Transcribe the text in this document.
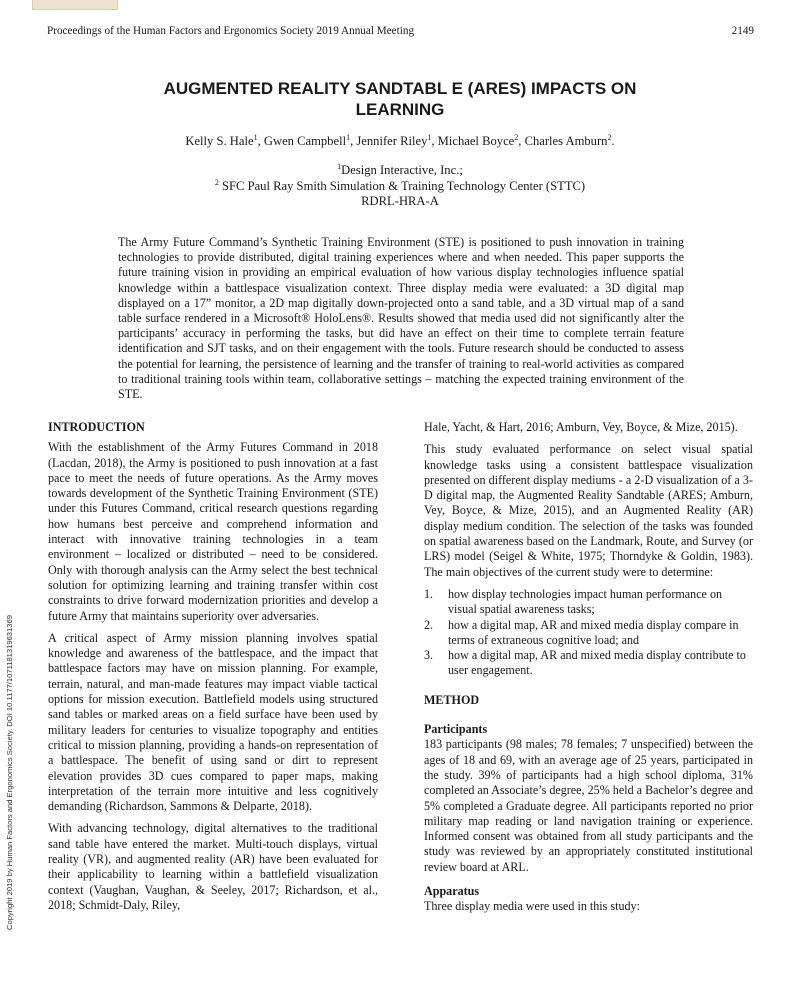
Proceedings of the Human Factors and Ergonomics Society 2019 Annual Meeting	2149
AUGMENTED REALITY SANDTABL E (ARES) IMPACTS ON
LEARNING
Kelly S. Hale$^1$, Gwen Campbell$^1$, Jennifer Riley$^1$, Michael Boyce$^2$, Charles Amburn$^2$.
$^1$Design Interactive, Inc.;
$^2$ SFC Paul Ray Smith Simulation & Training Technology Center (STTC)
RDRL-HRA-A
The Army Future Command’s Synthetic Training Environment (STE) is positioned to push innovation in training technologies to provide distributed, digital training experiences where and when needed. This paper supports the future training vision in providing an empirical evaluation of how various display technologies influence spatial knowledge within a battlespace visualization context. Three display media were evaluated: a 3D digital map displayed on a 17” monitor, a 2D map digitally down-projected onto a sand table, and a 3D virtual map of a sand table surface rendered in a Microsoft® HoloLens®. Results showed that media used did not significantly alter the participants’ accuracy in performing the tasks, but did have an effect on their time to complete terrain feature identification and SJT tasks, and on their engagement with the tools. Future research should be conducted to assess the potential for learning, the persistence of learning and the transfer of training to real-world activities as compared to traditional training tools within team, collaborative settings – matching the expected training environment of the STE.
INTRODUCTION

With the establishment of the Army Futures Command in 2018 (Lacdan, 2018), the Army is positioned to push innovation at a fast pace to meet the needs of future operations. As the Army moves towards development of the Synthetic Training Environment (STE) under this Futures Command, critical research questions regarding how humans best perceive and comprehend information and interact with innovative training technologies in a team environment – localized or distributed – need to be considered. Only with thorough analysis can the Army select the best technical solution for optimizing learning and training transfer within cost constraints to drive forward modernization priorities and develop a future Army that maintains superiority over adversaries.

A critical aspect of Army mission planning involves spatial knowledge and awareness of the battlespace, and the impact that battlespace factors may have on mission planning. For example, terrain, natural, and man-made features may impact viable tactical options for mission execution. Battlefield models using structured sand tables or marked areas on a field surface have been used by military leaders for centuries to visualize topography and entities critical to mission planning, providing a hands-on representation of a battlespace. The benefit of using sand or dirt to represent elevation provides 3D cues compared to paper maps, making interpretation of the terrain more intuitive and less cognitively demanding (Richardson, Sammons & Delparte, 2018).

With advancing technology, digital alternatives to the traditional sand table have entered the market. Multi-touch displays, virtual reality (VR), and augmented reality (AR) have been evaluated for their applicability to learning within a battlefield visualization context (Vaughan, Vaughan, & Seeley, 2017; Richardson, et al., 2018; Schmidt-Daly, Riley,

Hale, Yacht, & Hart, 2016; Amburn, Vey, Boyce, & Mize, 2015).

This study evaluated performance on select visual spatial knowledge tasks using a consistent battlespace visualization presented on different display mediums - a 2-D visualization of a 3-D digital map, the Augmented Reality Sandtable (ARES; Amburn, Vey, Boyce, & Mize, 2015), and an Augmented Reality (AR) display medium condition. The selection of the tasks was founded on spatial awareness based on the Landmark, Route, and Survey (or LRS) model (Seigel & White, 1975; Thorndyke & Goldin, 1983). The main objectives of the current study were to determine:

1. how display technologies impact human performance on visual spatial awareness tasks;
2. how a digital map, AR and mixed media display compare in terms of extraneous cognitive load; and
3. how a digital map, AR and mixed media display contribute to user engagement.
METHOD
Participants

183 participants (98 males; 78 females; 7 unspecified) between the ages of 18 and 69, with an average age of 25 years, participated in the study. 39% of participants had a high school diploma, 31% completed an Associate’s degree, 25% held a Bachelor’s degree and 5% completed a Graduate degree. All participants reported no prior military map reading or land navigation training or experience. Informed consent was obtained from all study participants and the study was reviewed by an appropriately constituted institutional review board at ARL.

Apparatus

Three display media were used in this study:

Copyright 2019 by Human Factors and Ergonomics Society. DOI 10.1177/1071181319631369
